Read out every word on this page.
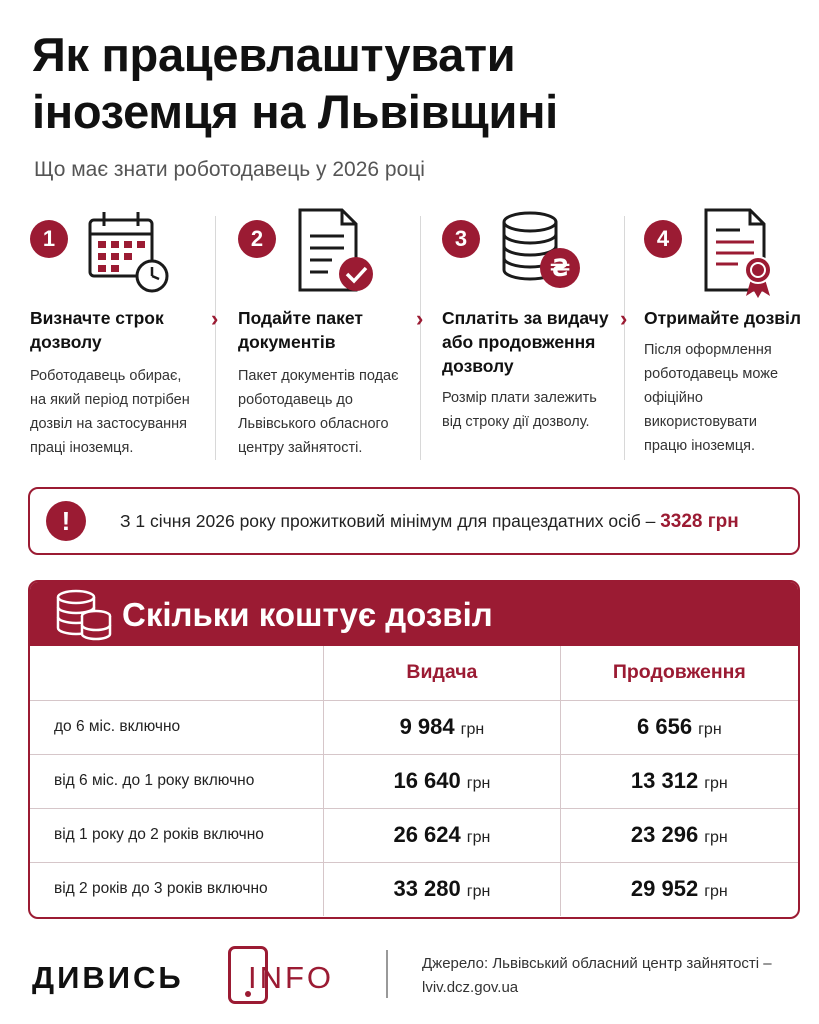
Як працевлаштувати
іноземця на Львівщині
Що має знати роботодавець у 2026 році
1
Визначте строк
дозволу
Роботодавець обирає,
на який період потрібен
дозвіл на застосування
праці іноземця.
›
2
Подайте пакет
документів
Пакет документів подає
роботодавець до
Львівського обласного
центру зайнятості.
›
3
₴
Сплатіть за видачу
або продовження
дозволу
Розмір плати залежить
від строку дії дозволу.
›
4
Отримайте дозвіл
Після оформлення
роботодавець може
офіційно використовувати
працю іноземця.
!	З 1 січня 2026 року прожитковий мінімум для працездатних осіб – 3328 грн
Скільки коштує дозвіл
	Видача	Продовження
до 6 міс. включно	9 984 грн	6 656 грн
від 6 міс. до 1 року включно	16 640 грн	13 312 грн
від 1 року до 2 років включно	26 624 грн	23 296 грн
від 2 років до 3 років включно	33 280 грн	29 952 грн
ДИВИСЬ INFO	Джерело: Львівський обласний центр зайнятості –
lviv.dcz.gov.ua
